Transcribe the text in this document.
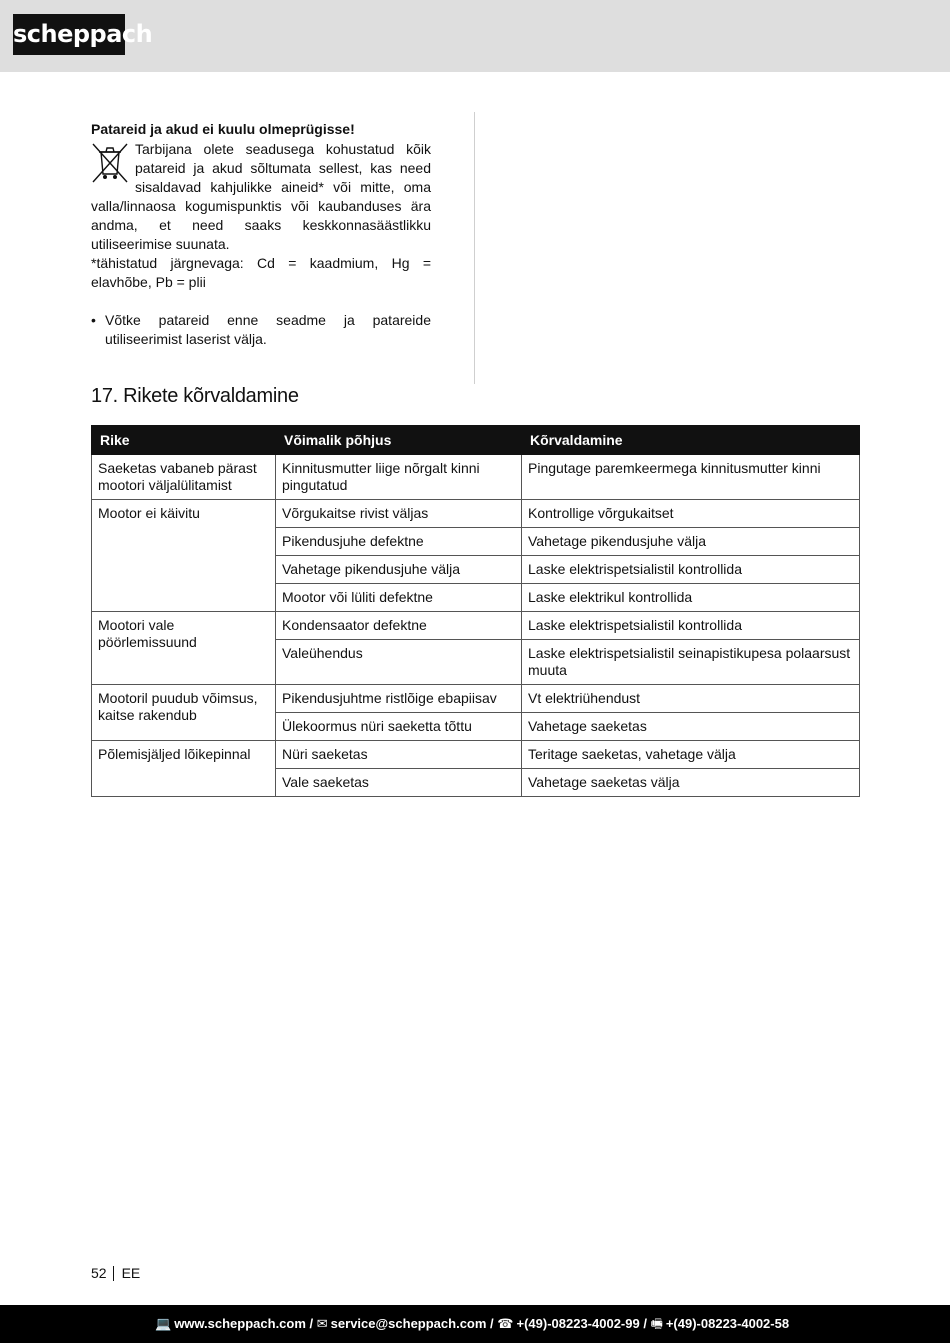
scheppach

Patareid ja akud ei kuulu olmeprügisse!

Tarbijana olete seadusega kohustatud kõik patareid ja akud sõltumata sellest, kas need sisaldavad kahjulikke aineid* või mitte, oma valla/linnaosa kogumispunktis või kaubanduses ära andma, et need saaks keskkonnasäästlikku utiliseerimise suunata.

*tähistatud järgnevaga: Cd = kaadmium, Hg = elavhõbe, Pb = plii

• Võtke patareid enne seadme ja patareide utiliseerimist laserist välja.
17. Rikete kõrvaldamine
Rike	Võimalik põhjus	Kõrvaldamine
Saeketas vabaneb pärast mootori väljalülitamist	Kinnitusmutter liige nõrgalt kinni pingutatud	Pingutage paremkeermega kinnitusmutter kinni
Mootor ei käivitu	Võrgukaitse rivist väljas	Kontrollige võrgukaitset
	Pikendusjuhe defektne	Vahetage pikendusjuhe välja
	Vahetage pikendusjuhe välja	Laske elektrispetsialistil kontrollida
	Mootor või lüliti defektne	Laske elektrikul kontrollida
Mootori vale pöörlemissuund	Kondensaator defektne	Laske elektrispetsialistil kontrollida
	Valeühendus	Laske elektrispetsialistil seinapistikupesa polaarsust muuta
Mootoril puudub võimsus, kaitse rakendub	Pikendusjuhtme ristlõige ebapiisav	Vt elektriühendust
	Ülekoormus nüri saeketta tõttu	Vahetage saeketas
Põlemisjäljed lõikepinnal	Nüri saeketas	Teritage saeketas, vahetage välja
	Vale saeketas	Vahetage saeketas välja
52 EE
💻 www.scheppach.com / ✉ service@scheppach.com / ☎ +(49)-08223-4002-99 / 🖷 +(49)-08223-4002-58
